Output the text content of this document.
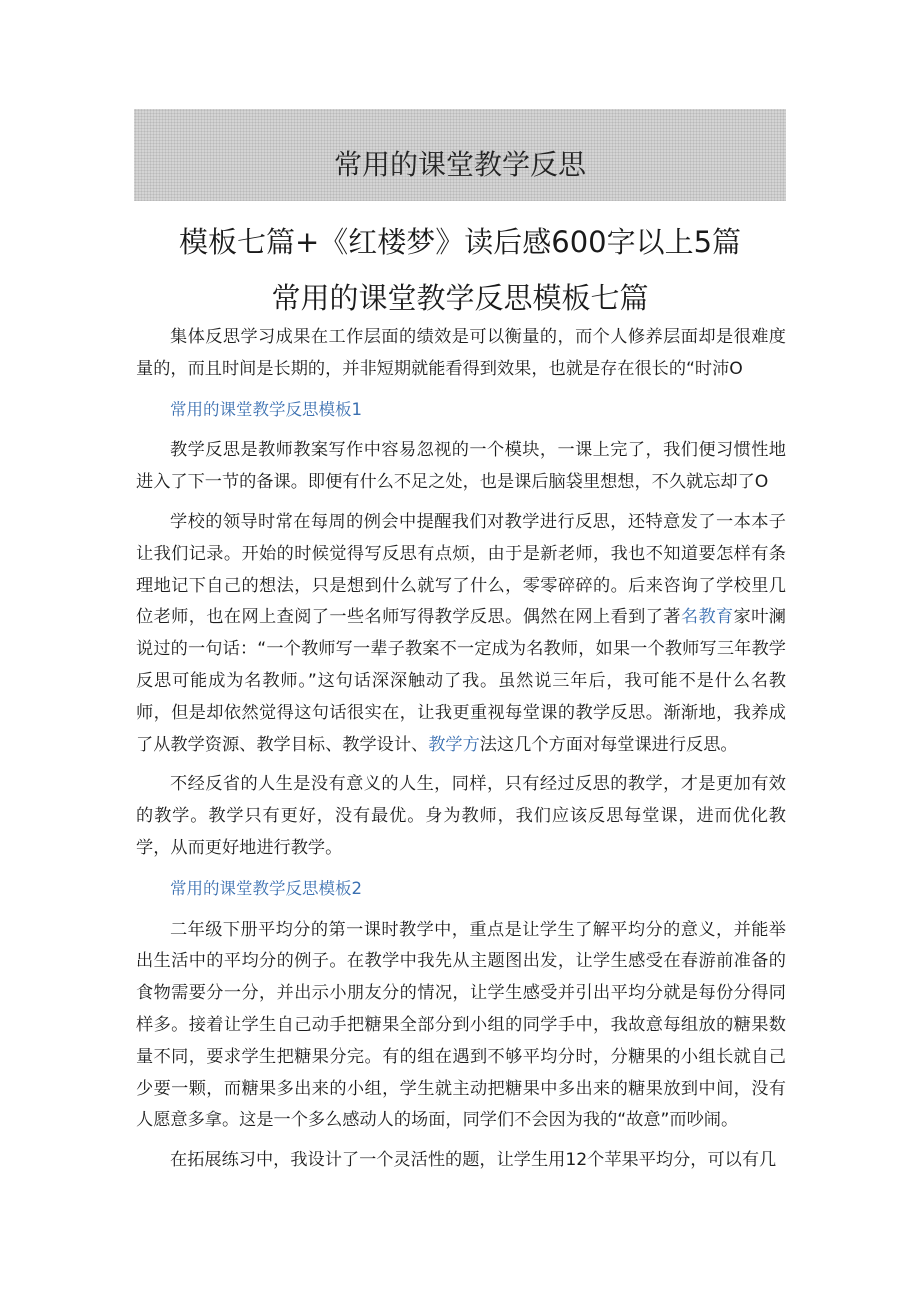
常用的课堂教学反思
模板七篇+《红楼梦》读后感600字以上5篇
常用的课堂教学反思模板七篇

集体反思学习成果在工作层面的绩效是可以衡量的，而个人修养层面却是很难度量的，而且时间是长期的，并非短期就能看得到效果，也就是存在很长的“时沛O

常用的课堂教学反思模板1

教学反思是教师教案写作中容易忽视的一个模块，一课上完了，我们便习惯性地进入了下一节的备课。即便有什么不足之处，也是课后脑袋里想想，不久就忘却了O

学校的领导时常在每周的例会中提醒我们对教学进行反思，还特意发了一本本子让我们记录。开始的时候觉得写反思有点烦，由于是新老师，我也不知道要怎样有条理地记下自己的想法，只是想到什么就写了什么，零零碎碎的。后来咨询了学校里几位老师，也在网上查阅了一些名师写得教学反思。偶然在网上看到了著名教育家叶澜说过的一句话：“一个教师写一辈子教案不一定成为名教师，如果一个教师写三年教学反思可能成为名教师。”这句话深深触动了我。虽然说三年后，我可能不是什么名教师，但是却依然觉得这句话很实在，让我更重视每堂课的教学反思。渐渐地，我养成了从教学资源、教学目标、教学设计、教学方法这几个方面对每堂课进行反思。

不经反省的人生是没有意义的人生，同样，只有经过反思的教学，才是更加有效的教学。教学只有更好，没有最优。身为教师，我们应该反思每堂课，进而优化教学，从而更好地进行教学。

常用的课堂教学反思模板2

二年级下册平均分的第一课时教学中，重点是让学生了解平均分的意义，并能举出生活中的平均分的例子。在教学中我先从主题图出发，让学生感受在春游前准备的食物需要分一分，并出示小朋友分的情况，让学生感受并引出平均分就是每份分得同样多。接着让学生自己动手把糖果全部分到小组的同学手中，我故意每组放的糖果数量不同，要求学生把糖果分完。有的组在遇到不够平均分时，分糖果的小组长就自己少要一颗，而糖果多出来的小组，学生就主动把糖果中多出来的糖果放到中间，没有人愿意多拿。这是一个多么感动人的场面，同学们不会因为我的“故意”而吵闹。

在拓展练习中，我设计了一个灵活性的题，让学生用12个苹果平均分，可以有几
